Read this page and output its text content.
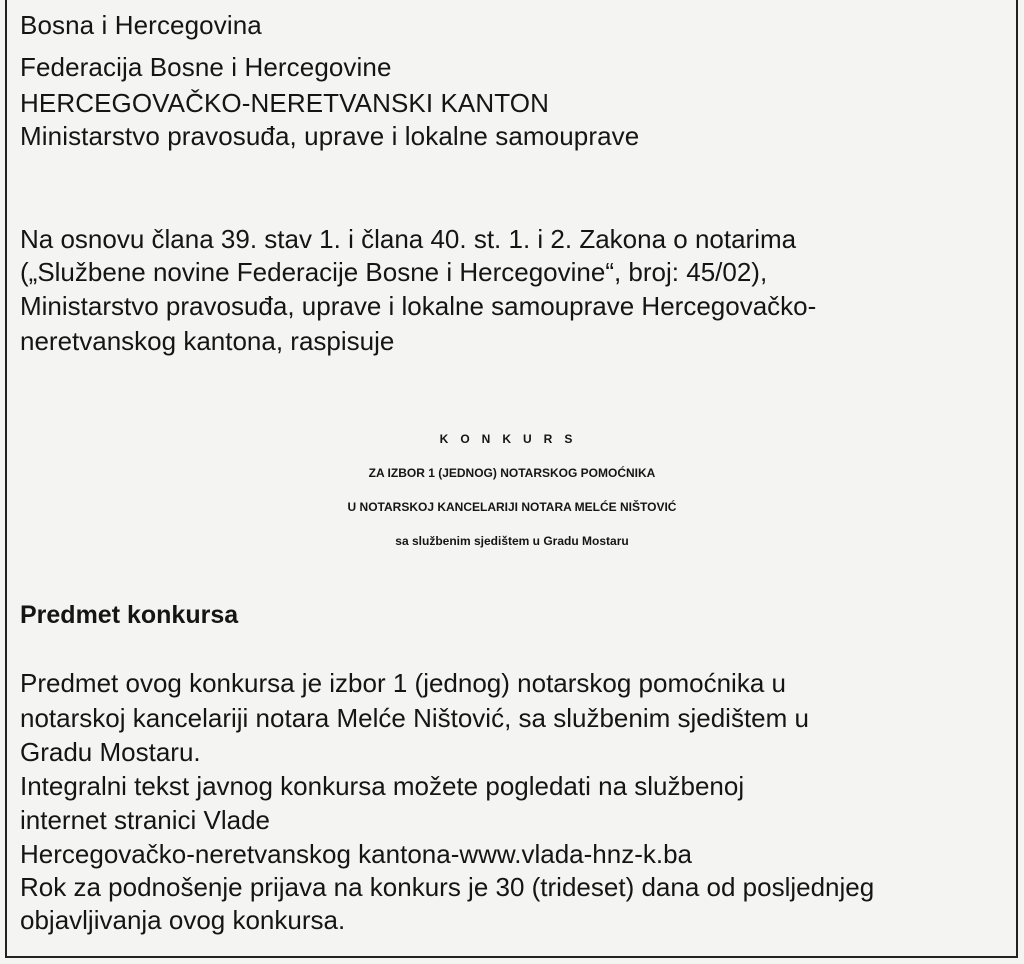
Bosna i Hercegovina
Federacija Bosne i Hercegovine
HERCEGOVAČKO-NERETVANSKI KANTON
Ministarstvo pravosuđa, uprave i lokalne samouprave
Na osnovu člana 39. stav 1. i člana 40. st. 1. i 2. Zakona o notarima
(„Službene novine Federacije Bosne i Hercegovine“, broj: 45/02),
Ministarstvo pravosuđa, uprave i lokalne samouprave Hercegovačko-
neretvanskog kantona, raspisuje
KONKURS
ZA IZBOR 1 (JEDNOG) NOTARSKOG POMOĆNIKA
U NOTARSKOJ KANCELARIJI NOTARA MELĆE NIŠTOVIĆ
sa službenim sjedištem u Gradu Mostaru
Predmet konkursa
Predmet ovog konkursa je izbor 1 (jednog) notarskog pomoćnika u
notarskoj kancelariji notara Melće Ništović, sa službenim sjedištem u
Gradu Mostaru.
Integralni tekst javnog konkursa možete pogledati na službenoj
internet stranici Vlade
Hercegovačko-neretvanskog kantona-www.vlada-hnz-k.ba
Rok za podnošenje prijava na konkurs je 30 (trideset) dana od posljednjeg
objavljivanja ovog konkursa.
